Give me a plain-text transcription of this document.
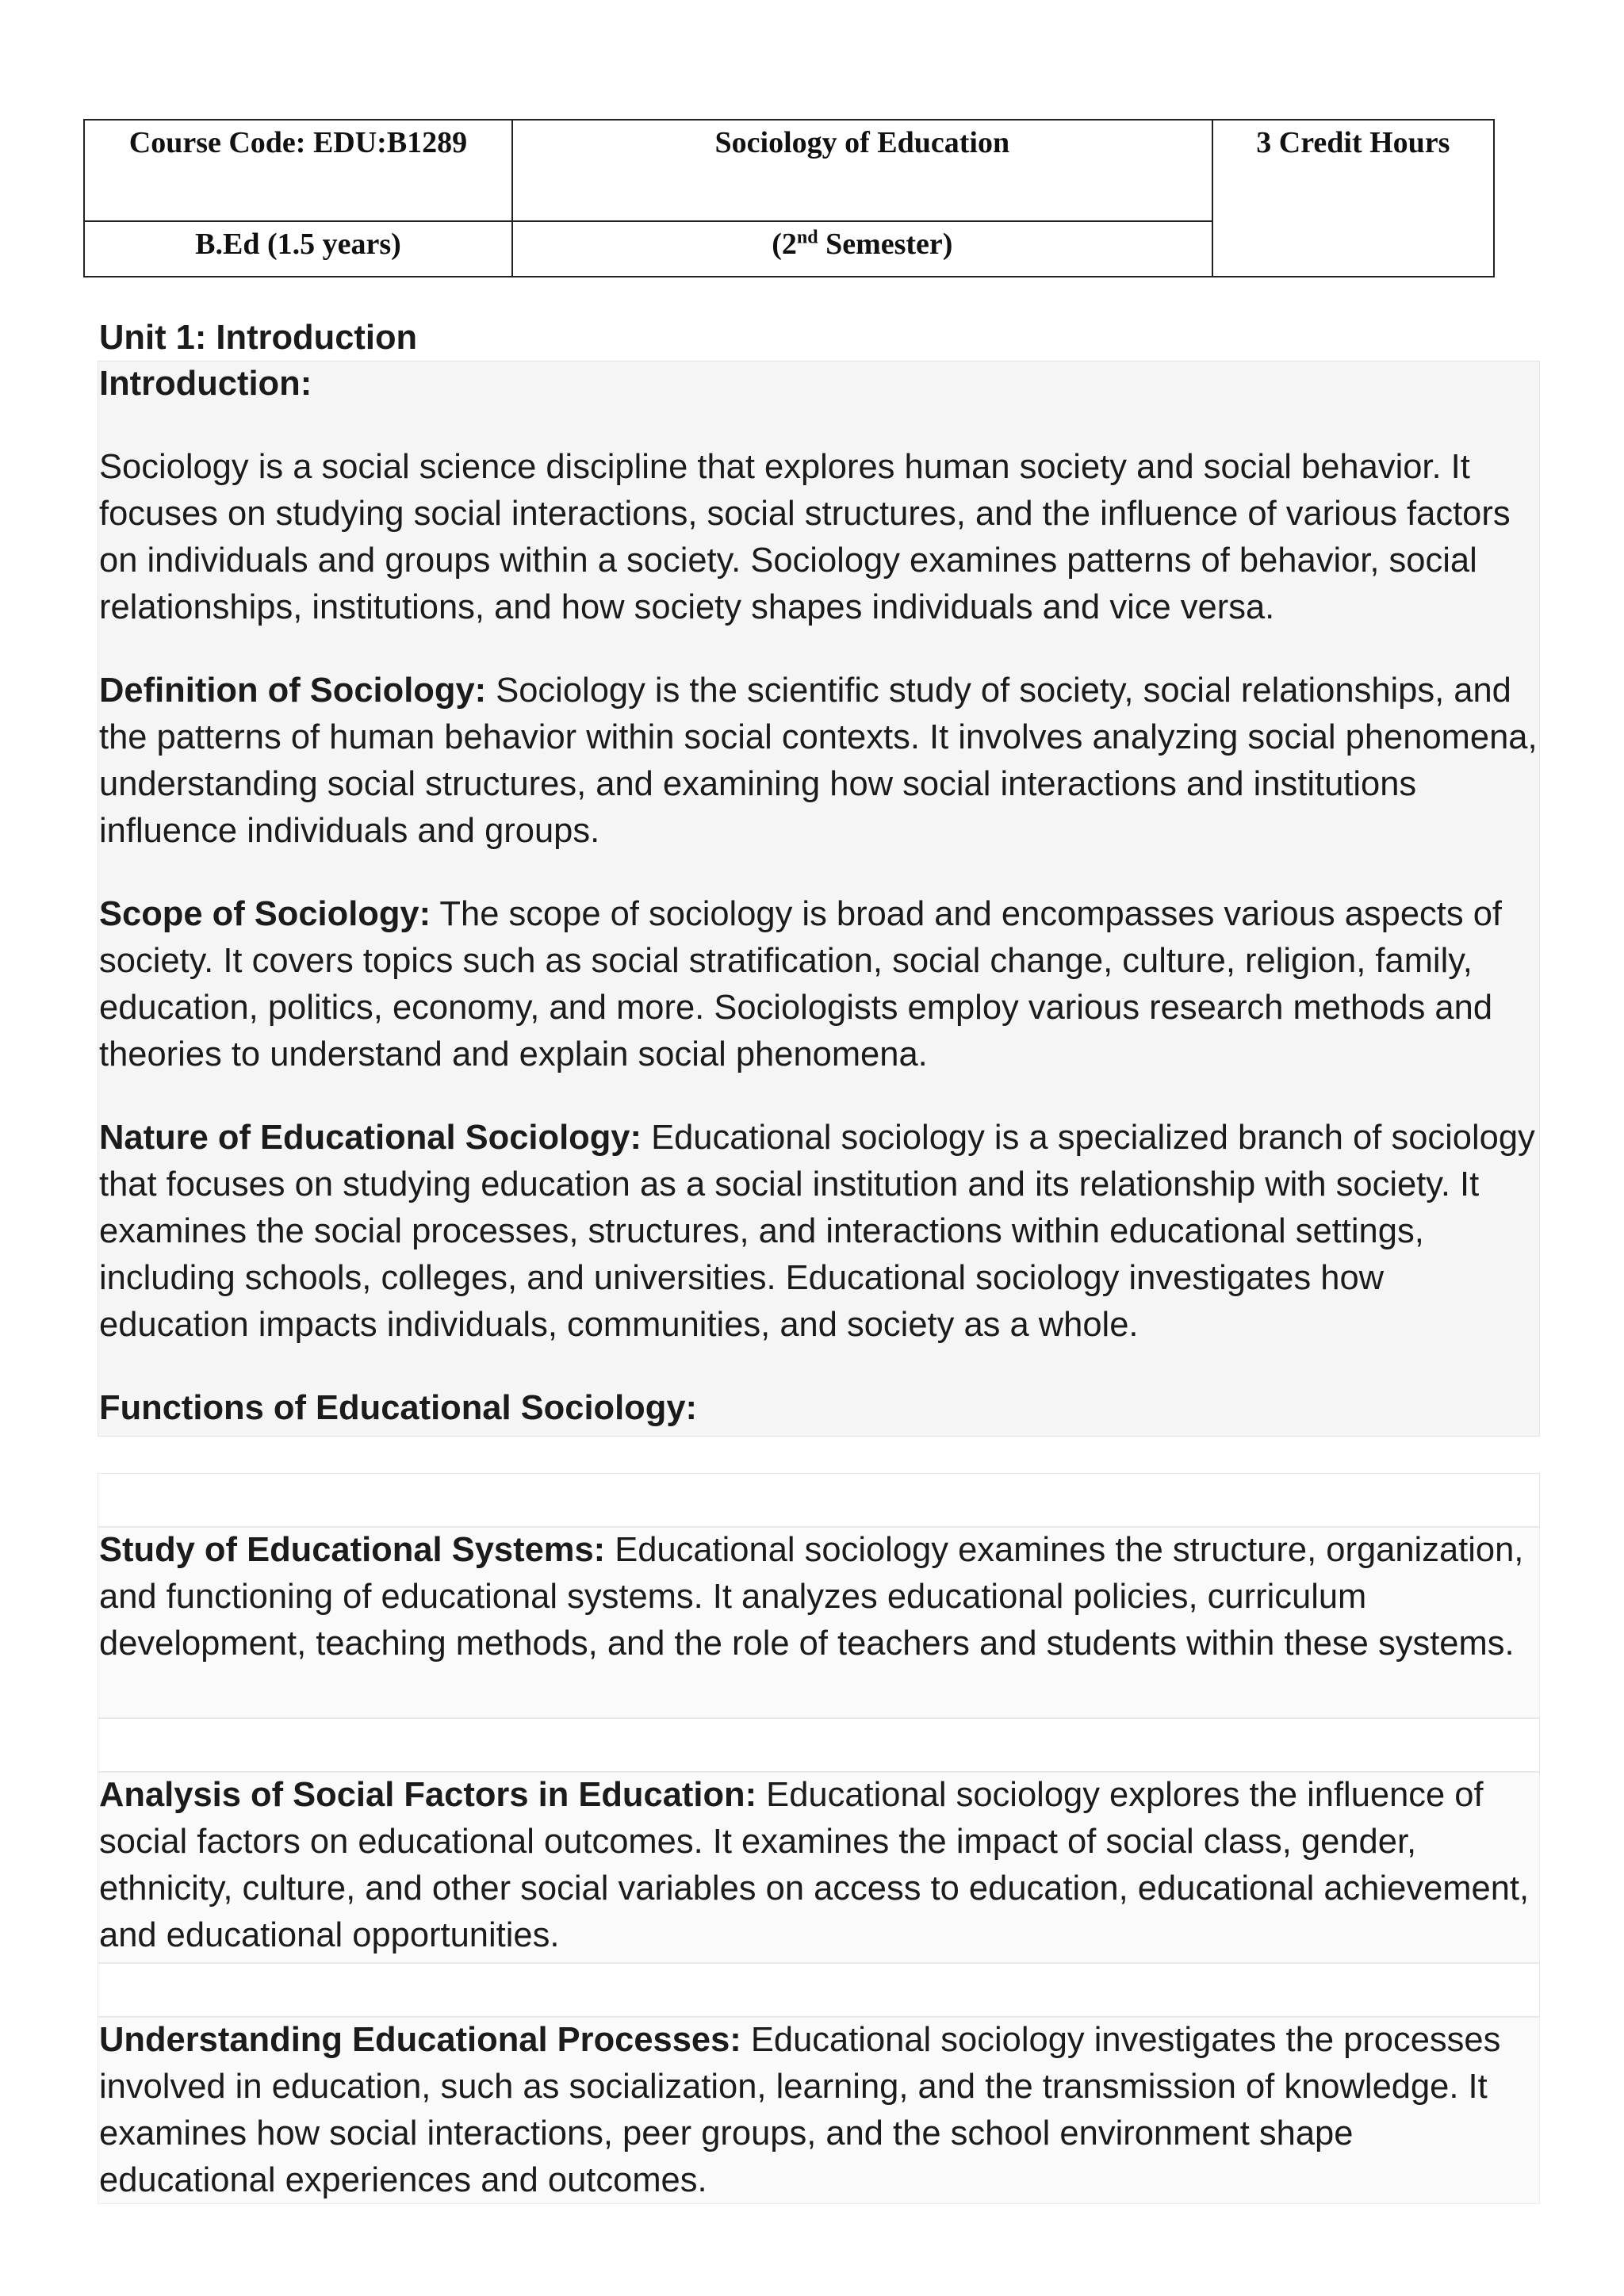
Course Code: EDU:B1289	Sociology of Education	3 Credit Hours
B.Ed (1.5 years)	(2nd Semester)	
Unit 1: Introduction

Introduction:

Sociology is a social science discipline that explores human society and social behavior. It focuses on studying social interactions, social structures, and the influence of various factors on individuals and groups within a society. Sociology examines patterns of behavior, social relationships, institutions, and how society shapes individuals and vice versa.

Definition of Sociology: Sociology is the scientific study of society, social relationships, and the patterns of human behavior within social contexts. It involves analyzing social phenomena, understanding social structures, and examining how social interactions and institutions influence individuals and groups.

Scope of Sociology: The scope of sociology is broad and encompasses various aspects of society. It covers topics such as social stratification, social change, culture, religion, family, education, politics, economy, and more. Sociologists employ various research methods and theories to understand and explain social phenomena.

Nature of Educational Sociology: Educational sociology is a specialized branch of sociology that focuses on studying education as a social institution and its relationship with society. It examines the social processes, structures, and interactions within educational settings, including schools, colleges, and universities. Educational sociology investigates how education impacts individuals, communities, and society as a whole.

Functions of Educational Sociology:

Study of Educational Systems: Educational sociology examines the structure, organization, and functioning of educational systems. It analyzes educational policies, curriculum development, teaching methods, and the role of teachers and students within these systems.

Analysis of Social Factors in Education: Educational sociology explores the influence of social factors on educational outcomes. It examines the impact of social class, gender, ethnicity, culture, and other social variables on access to education, educational achievement, and educational opportunities.

Understanding Educational Processes: Educational sociology investigates the processes involved in education, such as socialization, learning, and the transmission of knowledge. It examines how social interactions, peer groups, and the school environment shape educational experiences and outcomes.
